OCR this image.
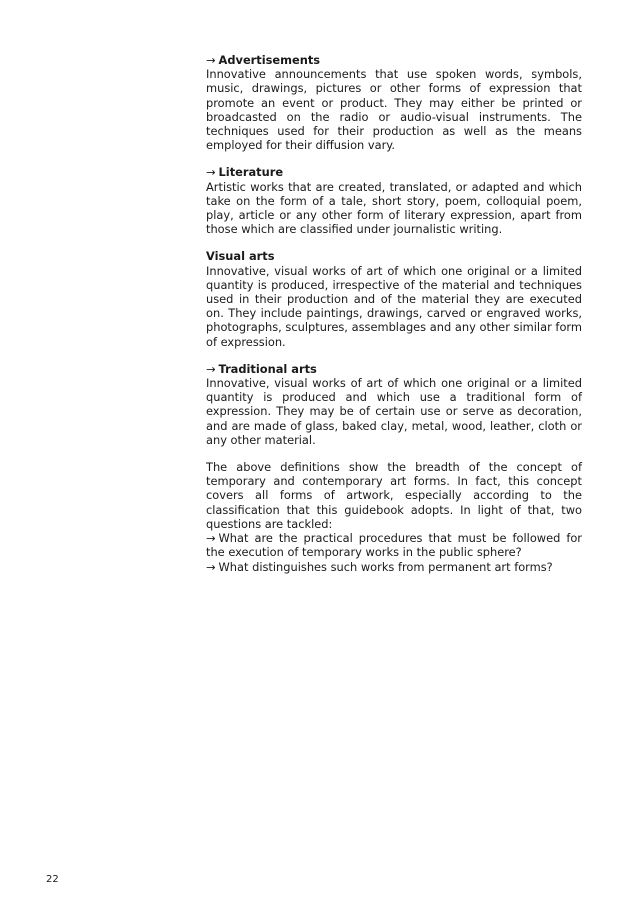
→ Advertisements
Innovative announcements that use spoken words, symbols, music, drawings, pictures or other forms of expression that promote an event or product. They may either be printed or broadcasted on the radio or audio-visual instruments. The techniques used for their production as well as the means employed for their diffusion vary.
→ Literature
Artistic works that are created, translated, or adapted and which take on the form of a tale, short story, poem, colloquial poem, play, article or any other form of literary expression, apart from those which are classified under journalistic writing.
Visual arts
Innovative, visual works of art of which one original or a limited quantity is produced, irrespective of the material and techniques used in their production and of the material they are executed on. They include paintings, drawings, carved or engraved works, photographs, sculptures, assemblages and any other similar form of expression.
→ Traditional arts
Innovative, visual works of art of which one original or a limited quantity is produced and which use a traditional form of expression. They may be of certain use or serve as decoration, and are made of glass, baked clay, metal, wood, leather, cloth or any other material.
The above definitions show the breadth of the concept of temporary and contemporary art forms. In fact, this concept covers all forms of artwork, especially according to the classification that this guidebook adopts. In light of that, two questions are tackled:
→ What are the practical procedures that must be followed for the execution of temporary works in the public sphere?
→ What distinguishes such works from permanent art forms?
22
